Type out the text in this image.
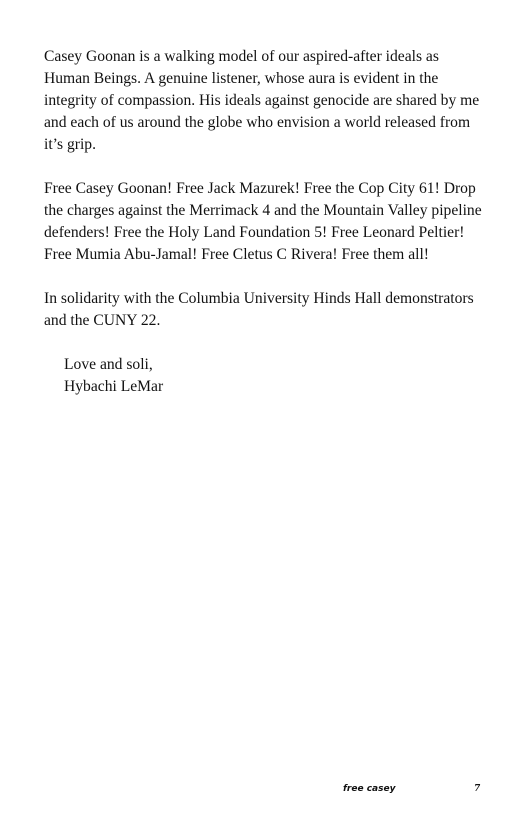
Casey Goonan is a walking model of our aspired-after ideals as Human Beings. A genuine listener, whose aura is evident in the integrity of compassion. His ideals against genocide are shared by me and each of us around the globe who envision a world released from it’s grip.

Free Casey Goonan! Free Jack Mazurek! Free the Cop City 61! Drop the charges against the Merrimack 4 and the Mountain Valley pipeline defenders! Free the Holy Land Foundation 5! Free Leonard Peltier! Free Mumia Abu-Jamal! Free Cletus C Rivera! Free them all!

In solidarity with the Columbia University Hinds Hall demonstrators and the CUNY 22.

Love and soli,
Hybachi LeMar
free casey	7
